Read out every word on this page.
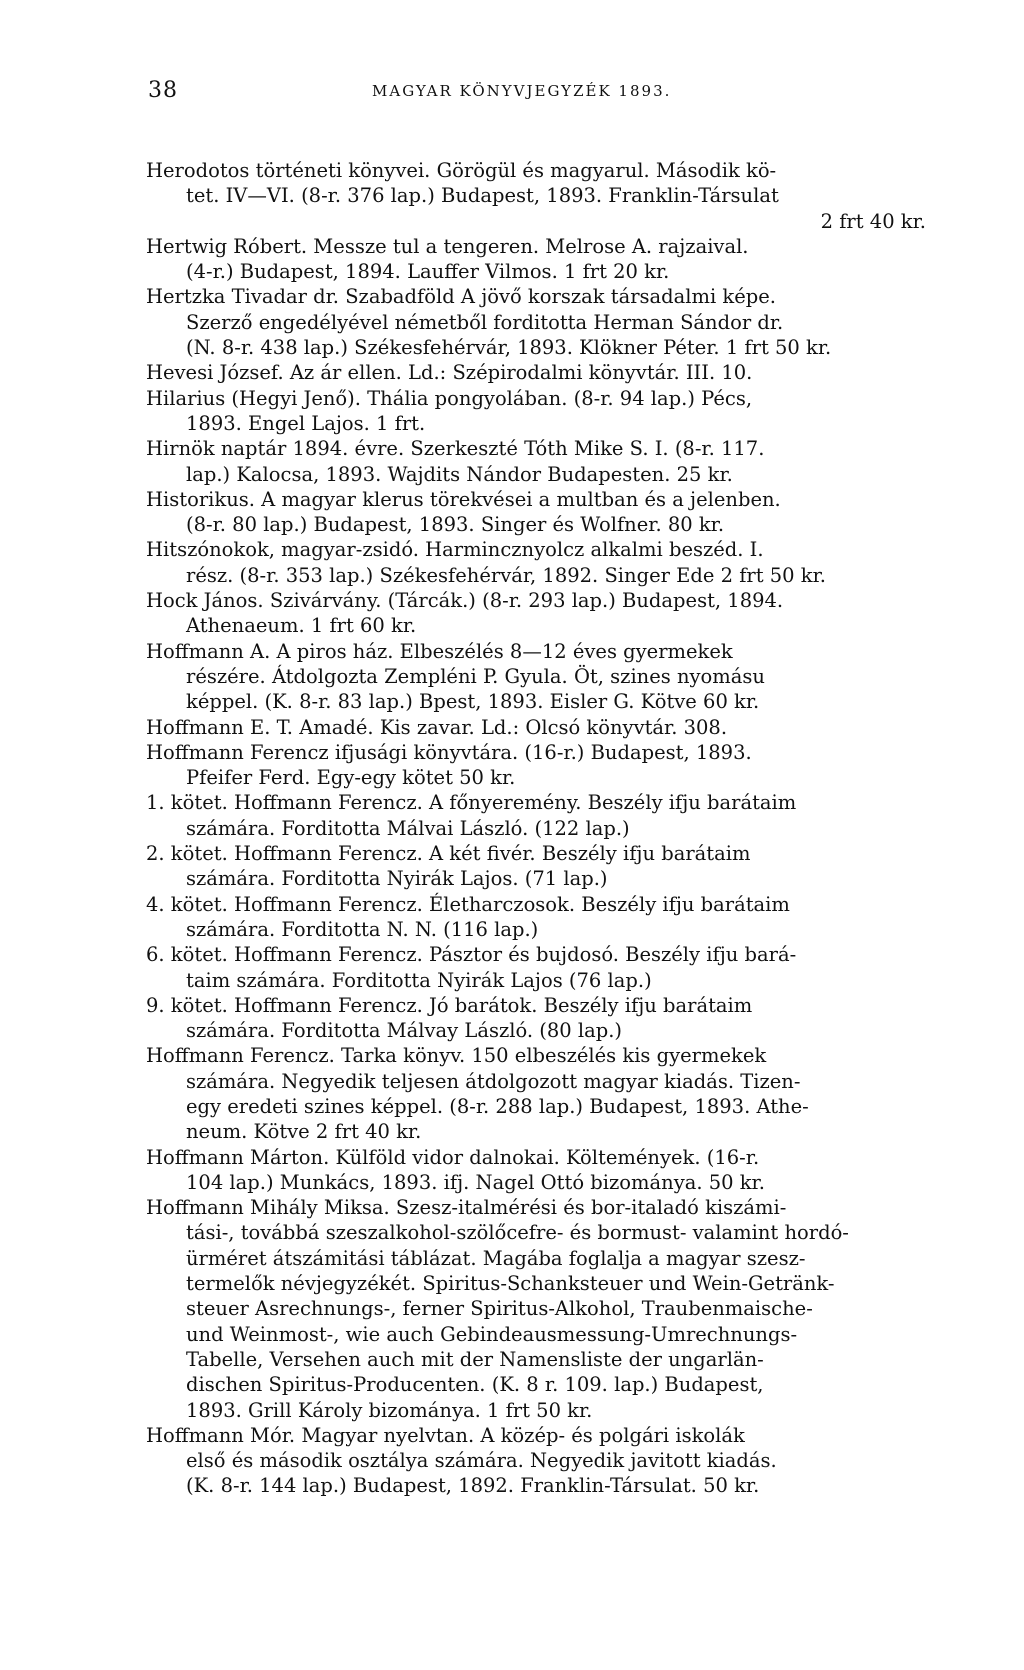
38	MAGYAR KÖNYVJEGYZÉK 1893.
Herodotos történeti könyvei. Görögül és magyarul. Második kö-
tet. IV—VI. (8-r. 376 lap.) Budapest, 1893. Franklin-Társulat
2 frt 40 kr.
Hertwig Róbert. Messze tul a tengeren. Melrose A. rajzaival.
(4-r.) Budapest, 1894. Lauffer Vilmos. 1 frt 20 kr.
Hertzka Tivadar dr. Szabadföld A jövő korszak társadalmi képe.
Szerző engedélyével németből forditotta Herman Sándor dr.
(N. 8-r. 438 lap.) Székesfehérvár, 1893. Klökner Péter. 1 frt 50 kr.
Hevesi József. Az ár ellen. Ld.: Szépirodalmi könyvtár. III. 10.
Hilarius (Hegyi Jenő). Thália pongyolában. (8-r. 94 lap.) Pécs,
1893. Engel Lajos. 1 frt.
Hirnök naptár 1894. évre. Szerkeszté Tóth Mike S. I. (8-r. 117.
lap.) Kalocsa, 1893. Wajdits Nándor Budapesten. 25 kr.
Historikus. A magyar klerus törekvései a multban és a jelenben.
(8-r. 80 lap.) Budapest, 1893. Singer és Wolfner. 80 kr.
Hitszónokok, magyar-zsidó. Harmincznyolcz alkalmi beszéd. I.
rész. (8-r. 353 lap.) Székesfehérvár, 1892. Singer Ede 2 frt 50 kr.
Hock János. Szivárvány. (Tárcák.) (8-r. 293 lap.) Budapest, 1894.
Athenaeum. 1 frt 60 kr.
Hoffmann A. A piros ház. Elbeszélés 8—12 éves gyermekek
részére. Átdolgozta Zempléni P. Gyula. Öt, szines nyomásu
képpel. (K. 8-r. 83 lap.) Bpest, 1893. Eisler G. Kötve 60 kr.
Hoffmann E. T. Amadé. Kis zavar. Ld.: Olcsó könyvtár. 308.
Hoffmann Ferencz ifjusági könyvtára. (16-r.) Budapest, 1893.
Pfeifer Ferd. Egy-egy kötet 50 kr.
1. kötet. Hoffmann Ferencz. A főnyeremény. Beszély ifju barátaim
számára. Forditotta Málvai László. (122 lap.)
2. kötet. Hoffmann Ferencz. A két fivér. Beszély ifju barátaim
számára. Forditotta Nyirák Lajos. (71 lap.)
4. kötet. Hoffmann Ferencz. Életharczosok. Beszély ifju barátaim
számára. Forditotta N. N. (116 lap.)
6. kötet. Hoffmann Ferencz. Pásztor és bujdosó. Beszély ifju bará-
taim számára. Forditotta Nyirák Lajos (76 lap.)
9. kötet. Hoffmann Ferencz. Jó barátok. Beszély ifju barátaim
számára. Forditotta Málvay László. (80 lap.)
Hoffmann Ferencz. Tarka könyv. 150 elbeszélés kis gyermekek
számára. Negyedik teljesen átdolgozott magyar kiadás. Tizen-
egy eredeti szines képpel. (8-r. 288 lap.) Budapest, 1893. Athe-
neum. Kötve 2 frt 40 kr.
Hoffmann Márton. Külföld vidor dalnokai. Költemények. (16-r.
104 lap.) Munkács, 1893. ifj. Nagel Ottó bizománya. 50 kr.
Hoffmann Mihály Miksa. Szesz-italmérési és bor-italadó kiszámi-
tási-, továbbá szeszalkohol-szölőcefre- és bormust- valamint hordó-
ürméret átszámitási táblázat. Magába foglalja a magyar szesz-
termelők névjegyzékét. Spiritus-Schanksteuer und Wein-Getränk-
steuer Asrechnungs-, ferner Spiritus-Alkohol, Traubenmaische-
und Weinmost-, wie auch Gebindeausmessung-Umrechnungs-
Tabelle, Versehen auch mit der Namensliste der ungarlän-
dischen Spiritus-Producenten. (K. 8 r. 109. lap.) Budapest,
1893. Grill Károly bizománya. 1 frt 50 kr.
Hoffmann Mór. Magyar nyelvtan. A közép- és polgári iskolák
első és második osztálya számára. Negyedik javitott kiadás.
(K. 8-r. 144 lap.) Budapest, 1892. Franklin-Társulat. 50 kr.
